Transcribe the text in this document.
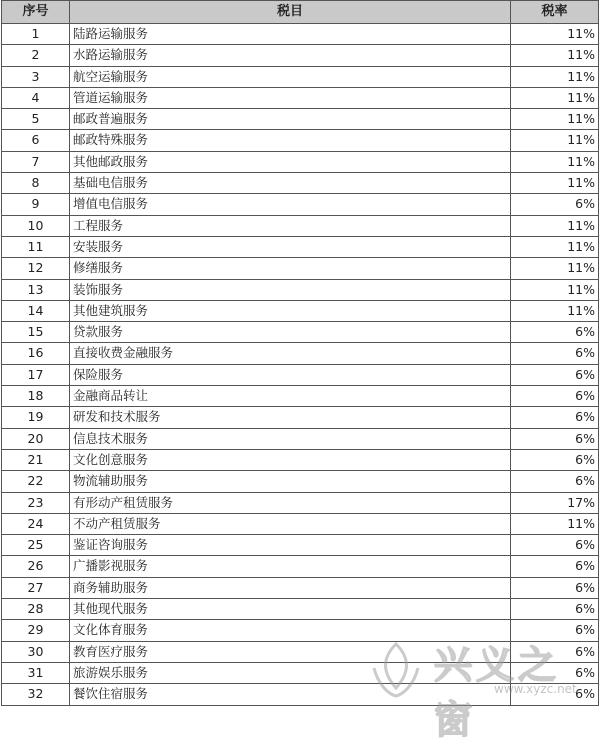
序号	税目	税率
1	陆路运输服务	11%
2	水路运输服务	11%
3	航空运输服务	11%
4	管道运输服务	11%
5	邮政普遍服务	11%
6	邮政特殊服务	11%
7	其他邮政服务	11%
8	基础电信服务	11%
9	增值电信服务	6%
10	工程服务	11%
11	安装服务	11%
12	修缮服务	11%
13	装饰服务	11%
14	其他建筑服务	11%
15	贷款服务	6%
16	直接收费金融服务	6%
17	保险服务	6%
18	金融商品转让	6%
19	研发和技术服务	6%
20	信息技术服务	6%
21	文化创意服务	6%
22	物流辅助服务	6%
23	有形动产租赁服务	17%
24	不动产租赁服务	11%
25	鉴证咨询服务	6%
26	广播影视服务	6%
27	商务辅助服务	6%
28	其他现代服务	6%
29	文化体育服务	6%
30	教育医疗服务	6%
31	旅游娱乐服务	6%
32	餐饮住宿服务	6%
兴义之窗
www.xyzc.net
